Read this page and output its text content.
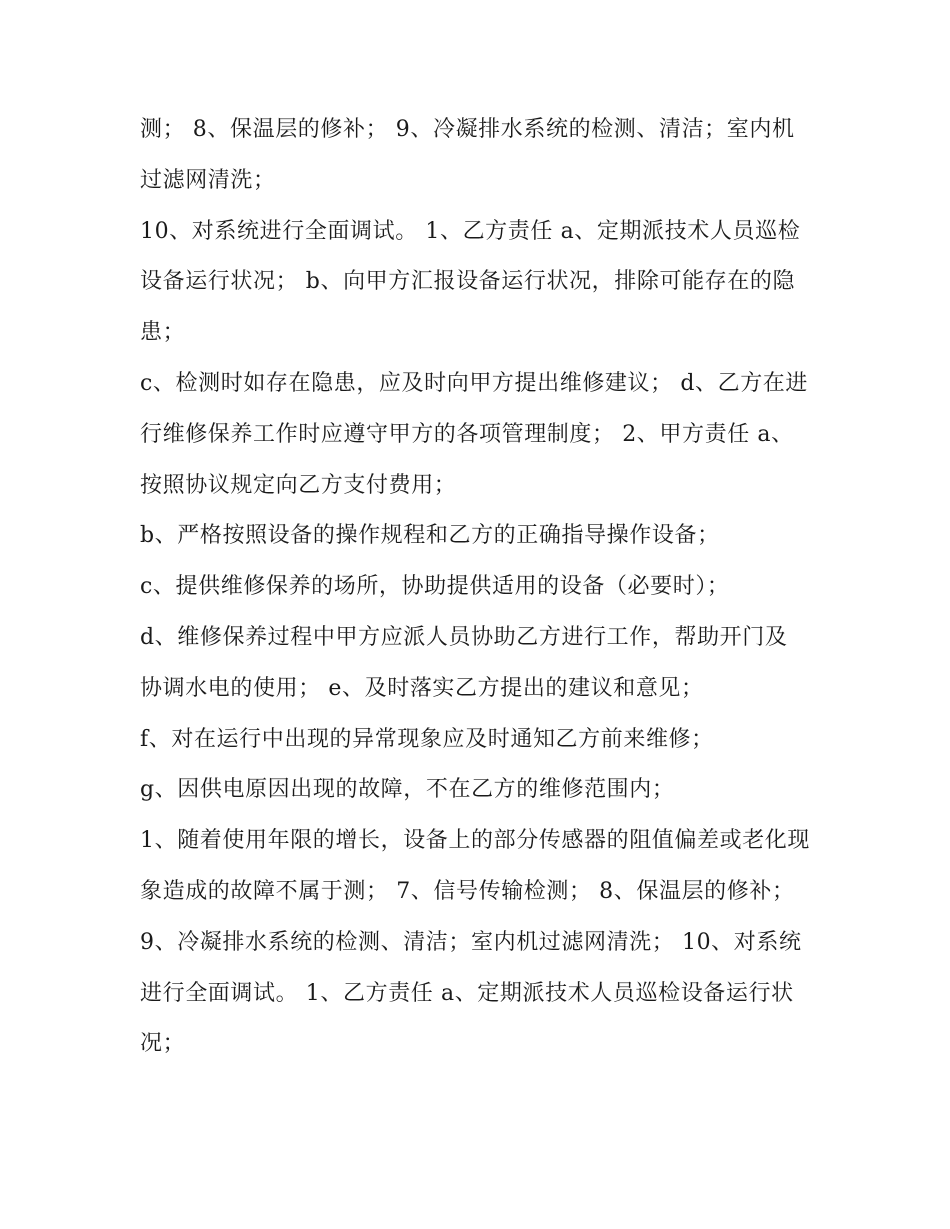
测； 8、保温层的修补； 9、冷凝排水系统的检测、清洁；室内机过滤网清洗；

10、对系统进行全面调试。 1、乙方责任 a、定期派技术人员巡检设备运行状况； b、向甲方汇报设备运行状况，排除可能存在的隐患；

c、检测时如存在隐患，应及时向甲方提出维修建议； d、乙方在进行维修保养工作时应遵守甲方的各项管理制度； 2、甲方责任 a、按照协议规定向乙方支付费用；

b、严格按照设备的操作规程和乙方的正确指导操作设备；

c、提供维修保养的场所，协助提供适用的设备（必要时）；

d、维修保养过程中甲方应派人员协助乙方进行工作，帮助开门及协调水电的使用； e、及时落实乙方提出的建议和意见；

f、对在运行中出现的异常现象应及时通知乙方前来维修；

g、因供电原因出现的故障，不在乙方的维修范围内；

1、随着使用年限的增长，设备上的部分传感器的阻值偏差或老化现象造成的故障不属于测； 7、信号传输检测； 8、保温层的修补；

9、冷凝排水系统的检测、清洁；室内机过滤网清洗； 10、对系统进行全面调试。 1、乙方责任 a、定期派技术人员巡检设备运行状况；
